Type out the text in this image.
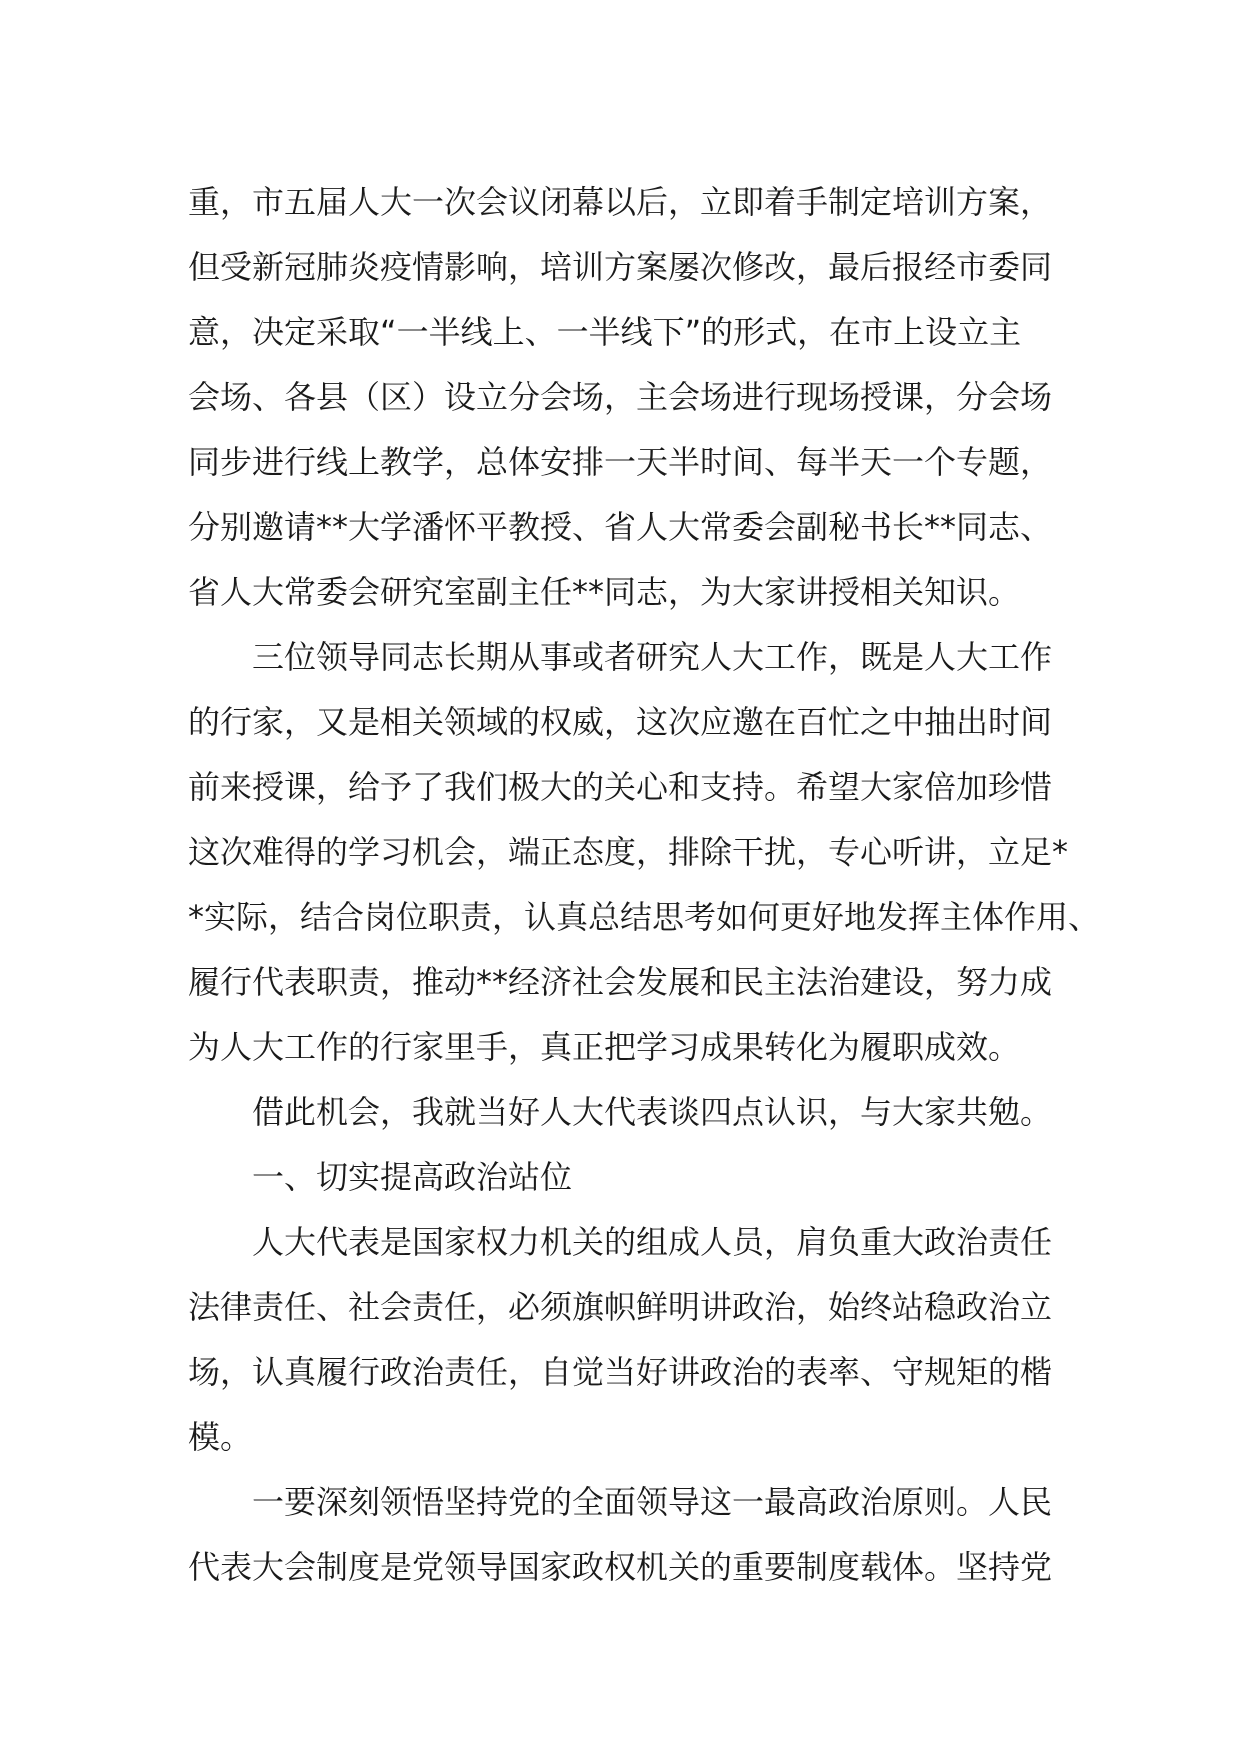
重，市五届人大一次会议闭幕以后，立即着手制定培训方案，
但受新冠肺炎疫情影响，培训方案屡次修改，最后报经市委同
意，决定采取“一半线上、一半线下”的形式，在市上设立主
会场、各县（区）设立分会场，主会场进行现场授课，分会场
同步进行线上教学，总体安排一天半时间、每半天一个专题，
分别邀请**大学潘怀平教授、省人大常委会副秘书长**同志、
省人大常委会研究室副主任**同志，为大家讲授相关知识。
三位领导同志长期从事或者研究人大工作，既是人大工作
的行家，又是相关领域的权威，这次应邀在百忙之中抽出时间
前来授课，给予了我们极大的关心和支持。希望大家倍加珍惜
这次难得的学习机会，端正态度，排除干扰，专心听讲，立足*
*实际，结合岗位职责，认真总结思考如何更好地发挥主体作用、
履行代表职责，推动**经济社会发展和民主法治建设，努力成
为人大工作的行家里手，真正把学习成果转化为履职成效。
借此机会，我就当好人大代表谈四点认识，与大家共勉。
一、切实提高政治站位
人大代表是国家权力机关的组成人员，肩负重大政治责任
法律责任、社会责任，必须旗帜鲜明讲政治，始终站稳政治立
场，认真履行政治责任，自觉当好讲政治的表率、守规矩的楷
模。
一要深刻领悟坚持党的全面领导这一最高政治原则。人民
代表大会制度是党领导国家政权机关的重要制度载体。坚持党
